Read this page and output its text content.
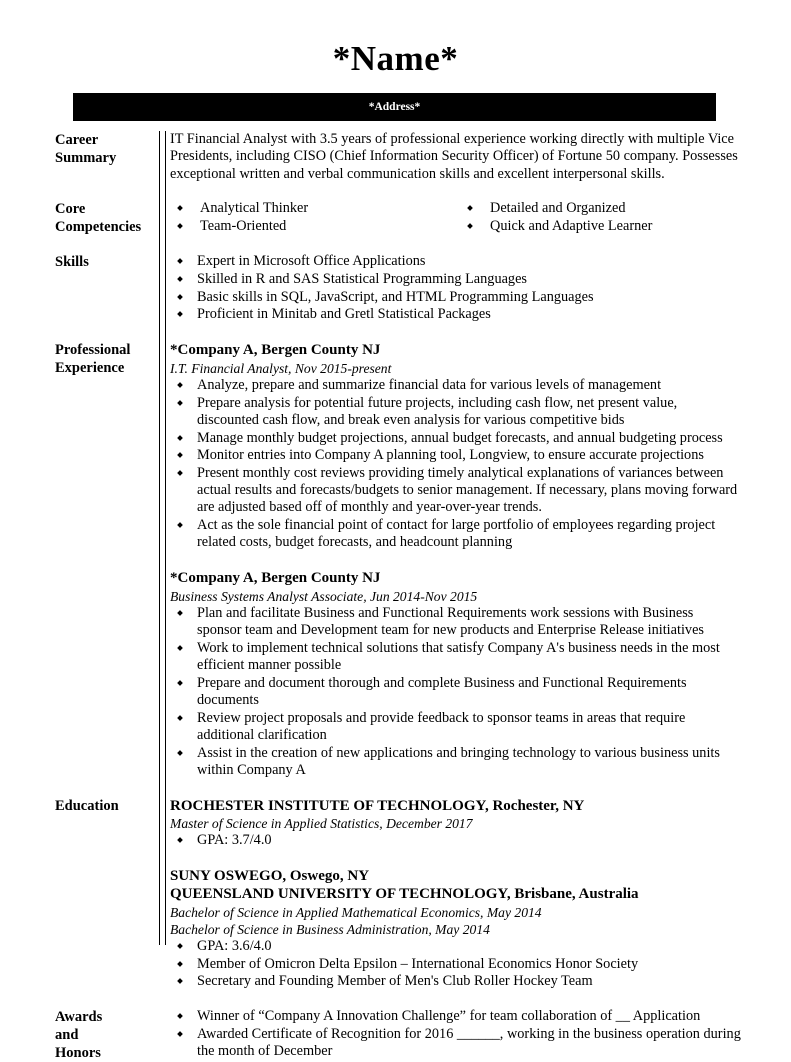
*Name*
*Address*
Career
Summary
IT Financial Analyst with 3.5 years of professional experience working directly with multiple Vice Presidents, including CISO (Chief Information Security Officer) of Fortune 50 company. Possesses exceptional written and verbal communication skills and excellent interpersonal skills.
Core
Competencies
Analytical Thinker
Team-Oriented
Detailed and Organized
Quick and Adaptive Learner
Skills	Expert in Microsoft Office Applications
Skilled in R and SAS Statistical Programming Languages
Basic skills in SQL, JavaScript, and HTML Programming Languages
Proficient in Minitab and Gretl Statistical Packages
Professional
Experience
*Company A, Bergen County NJ
I.T. Financial Analyst, Nov 2015-present
Analyze, prepare and summarize financial data for various levels of management
Prepare analysis for potential future projects, including cash flow, net present value, discounted cash flow, and break even analysis for various competitive bids
Manage monthly budget projections, annual budget forecasts, and annual budgeting process
Monitor entries into Company A planning tool, Longview, to ensure accurate projections
Present monthly cost reviews providing timely analytical explanations of variances between actual results and forecasts/budgets to senior management. If necessary, plans moving forward are adjusted based off of monthly and year-over-year trends.
Act as the sole financial point of contact for large portfolio of employees regarding project related costs, budget forecasts, and headcount planning
*Company A, Bergen County NJ
Business Systems Analyst Associate, Jun 2014-Nov 2015
Plan and facilitate Business and Functional Requirements work sessions with Business sponsor team and Development team for new products and Enterprise Release initiatives
Work to implement technical solutions that satisfy Company A's business needs in the most efficient manner possible
Prepare and document thorough and complete Business and Functional Requirements documents
Review project proposals and provide feedback to sponsor teams in areas that require additional clarification
Assist in the creation of new applications and bringing technology to various business units within Company A
Education	ROCHESTER INSTITUTE OF TECHNOLOGY, Rochester, NY
Master of Science in Applied Statistics, December 2017
GPA: 3.7/4.0
SUNY OSWEGO, Oswego, NY
QUEENSLAND UNIVERSITY OF TECHNOLOGY, Brisbane, Australia
Bachelor of Science in Applied Mathematical Economics, May 2014
Bachelor of Science in Business Administration, May 2014
GPA: 3.6/4.0
Member of Omicron Delta Epsilon – International Economics Honor Society
Secretary and Founding Member of Men's Club Roller Hockey Team
Awards and
Honors
Winner of “Company A Innovation Challenge” for team collaboration of __ Application
Awarded Certificate of Recognition for 2016 ______, working in the business operation during the month of December
